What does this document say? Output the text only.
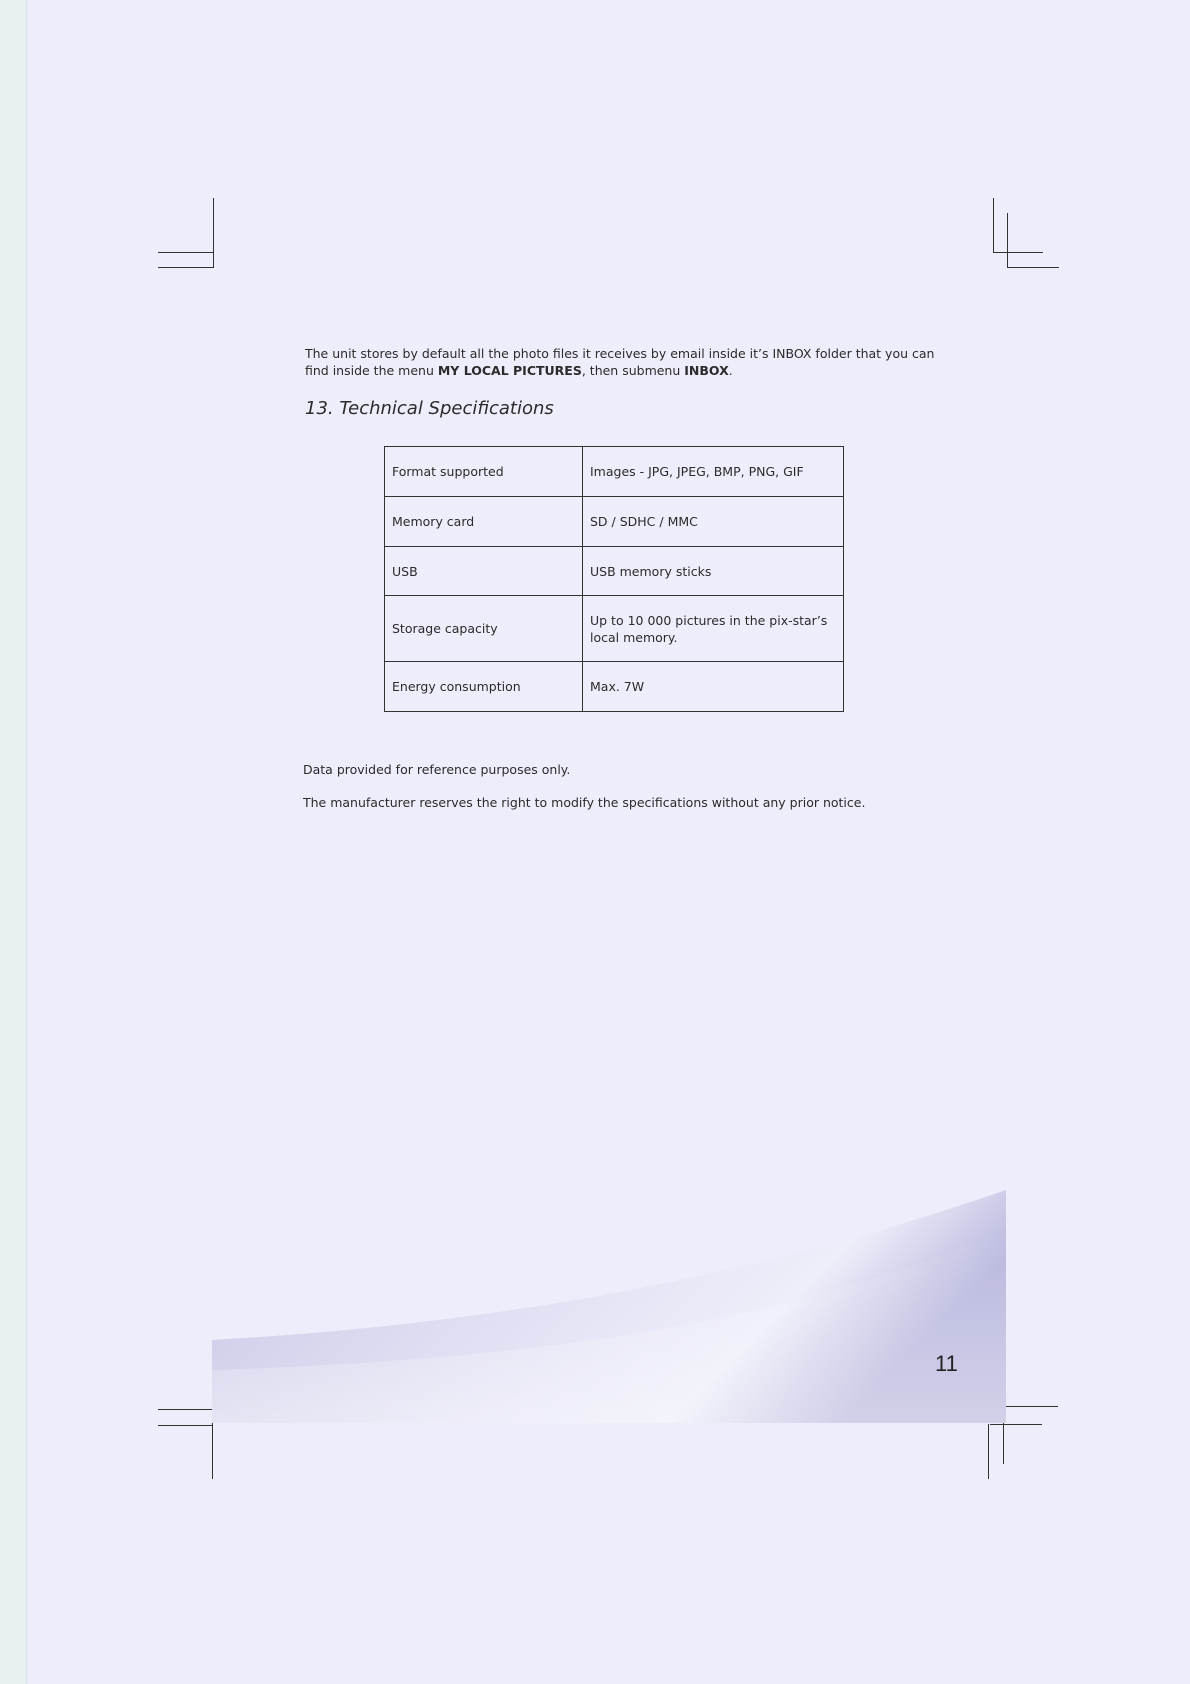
The unit stores by default all the photo files it receives by email inside it’s INBOX folder that you can find inside the menu MY LOCAL PICTURES, then submenu INBOX.

13. Technical Specifications
Format supported	Images - JPG, JPEG, BMP, PNG, GIF
Memory card	SD / SDHC / MMC
USB	USB memory sticks
Storage capacity	Up to 10 000 pictures in the pix-star’s local memory.
Energy consumption	Max. 7W
Data provided for reference purposes only.
The manufacturer reserves the right to modify the specifications without any prior notice.
11
